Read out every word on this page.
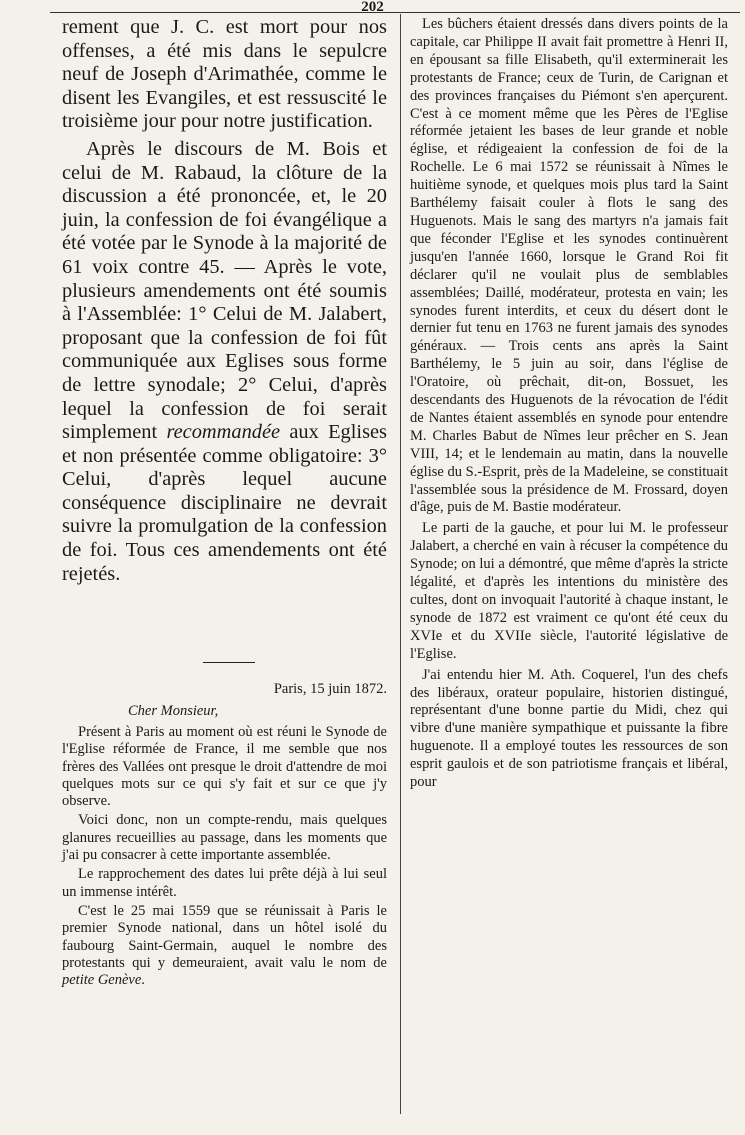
202

rement que J. C. est mort pour nos offenses, a été mis dans le sepulcre neuf de Joseph d'Arimathée, comme le disent les Evangiles, et est ressuscité le troisième jour pour notre justification.

Après le discours de M. Bois et celui de M. Rabaud, la clôture de la discussion a été prononcée, et, le 20 juin, la confession de foi évangélique a été votée par le Synode à la majorité de 61 voix contre 45. — Après le vote, plusieurs amendements ont été soumis à l'Assemblée: 1° Celui de M. Jalabert, proposant que la confession de foi fût communiquée aux Eglises sous forme de lettre synodale; 2° Celui, d'après lequel la confession de foi serait simplement recommandée aux Eglises et non présentée comme obligatoire: 3° Celui, d'après lequel aucune conséquence disciplinaire ne devrait suivre la promulgation de la confession de foi. Tous ces amendements ont été rejetés.

Paris, 15 juin 1872.
Cher Monsieur,

Présent à Paris au moment où est réuni le Synode de l'Eglise réformée de France, il me semble que nos frères des Vallées ont presque le droit d'attendre de moi quelques mots sur ce qui s'y fait et sur ce que j'y observe.

Voici donc, non un compte-rendu, mais quelques glanures recueillies au passage, dans les moments que j'ai pu consacrer à cette importante assemblée.

Le rapprochement des dates lui prête déjà à lui seul un immense intérêt.

C'est le 25 mai 1559 que se réunissait à Paris le premier Synode national, dans un hôtel isolé du faubourg Saint-Germain, auquel le nombre des protestants qui y demeuraient, avait valu le nom de petite Genève.

Les bûchers étaient dressés dans divers points de la capitale, car Philippe II avait fait promettre à Henri II, en épousant sa fille Elisabeth, qu'il exterminerait les protestants de France; ceux de Turin, de Carignan et des provinces françaises du Piémont s'en aperçurent. C'est à ce moment même que les Pères de l'Eglise réformée jetaient les bases de leur grande et noble église, et rédigeaient la confession de foi de la Rochelle. Le 6 mai 1572 se réunissait à Nîmes le huitième synode, et quelques mois plus tard la Saint Barthélemy faisait couler à flots le sang des Huguenots. Mais le sang des martyrs n'a jamais fait que féconder l'Eglise et les synodes continuèrent jusqu'en l'année 1660, lorsque le Grand Roi fit déclarer qu'il ne voulait plus de semblables assemblées; Daillé, modérateur, protesta en vain; les synodes furent interdits, et ceux du désert dont le dernier fut tenu en 1763 ne furent jamais des synodes généraux. — Trois cents ans après la Saint Barthélemy, le 5 juin au soir, dans l'église de l'Oratoire, où prêchait, dit-on, Bossuet, les descendants des Huguenots de la révocation de l'édit de Nantes étaient assemblés en synode pour entendre M. Charles Babut de Nîmes leur prêcher en S. Jean VIII, 14; et le lendemain au matin, dans la nouvelle église du S.-Esprit, près de la Madeleine, se constituait l'assemblée sous la présidence de M. Frossard, doyen d'âge, puis de M. Bastie modérateur.

Le parti de la gauche, et pour lui M. le professeur Jalabert, a cherché en vain à récuser la compétence du Synode; on lui a démontré, que même d'après la stricte légalité, et d'après les intentions du ministère des cultes, dont on invoquait l'autorité à chaque instant, le synode de 1872 est vraiment ce qu'ont été ceux du XVIe et du XVIIe siècle, l'autorité législative de l'Eglise.

J'ai entendu hier M. Ath. Coquerel, l'un des chefs des libéraux, orateur populaire, historien distingué, représentant d'une bonne partie du Midi, chez qui vibre d'une manière sympathique et puissante la fibre huguenote. Il a employé toutes les ressources de son esprit gaulois et de son patriotisme français et libéral, pour
